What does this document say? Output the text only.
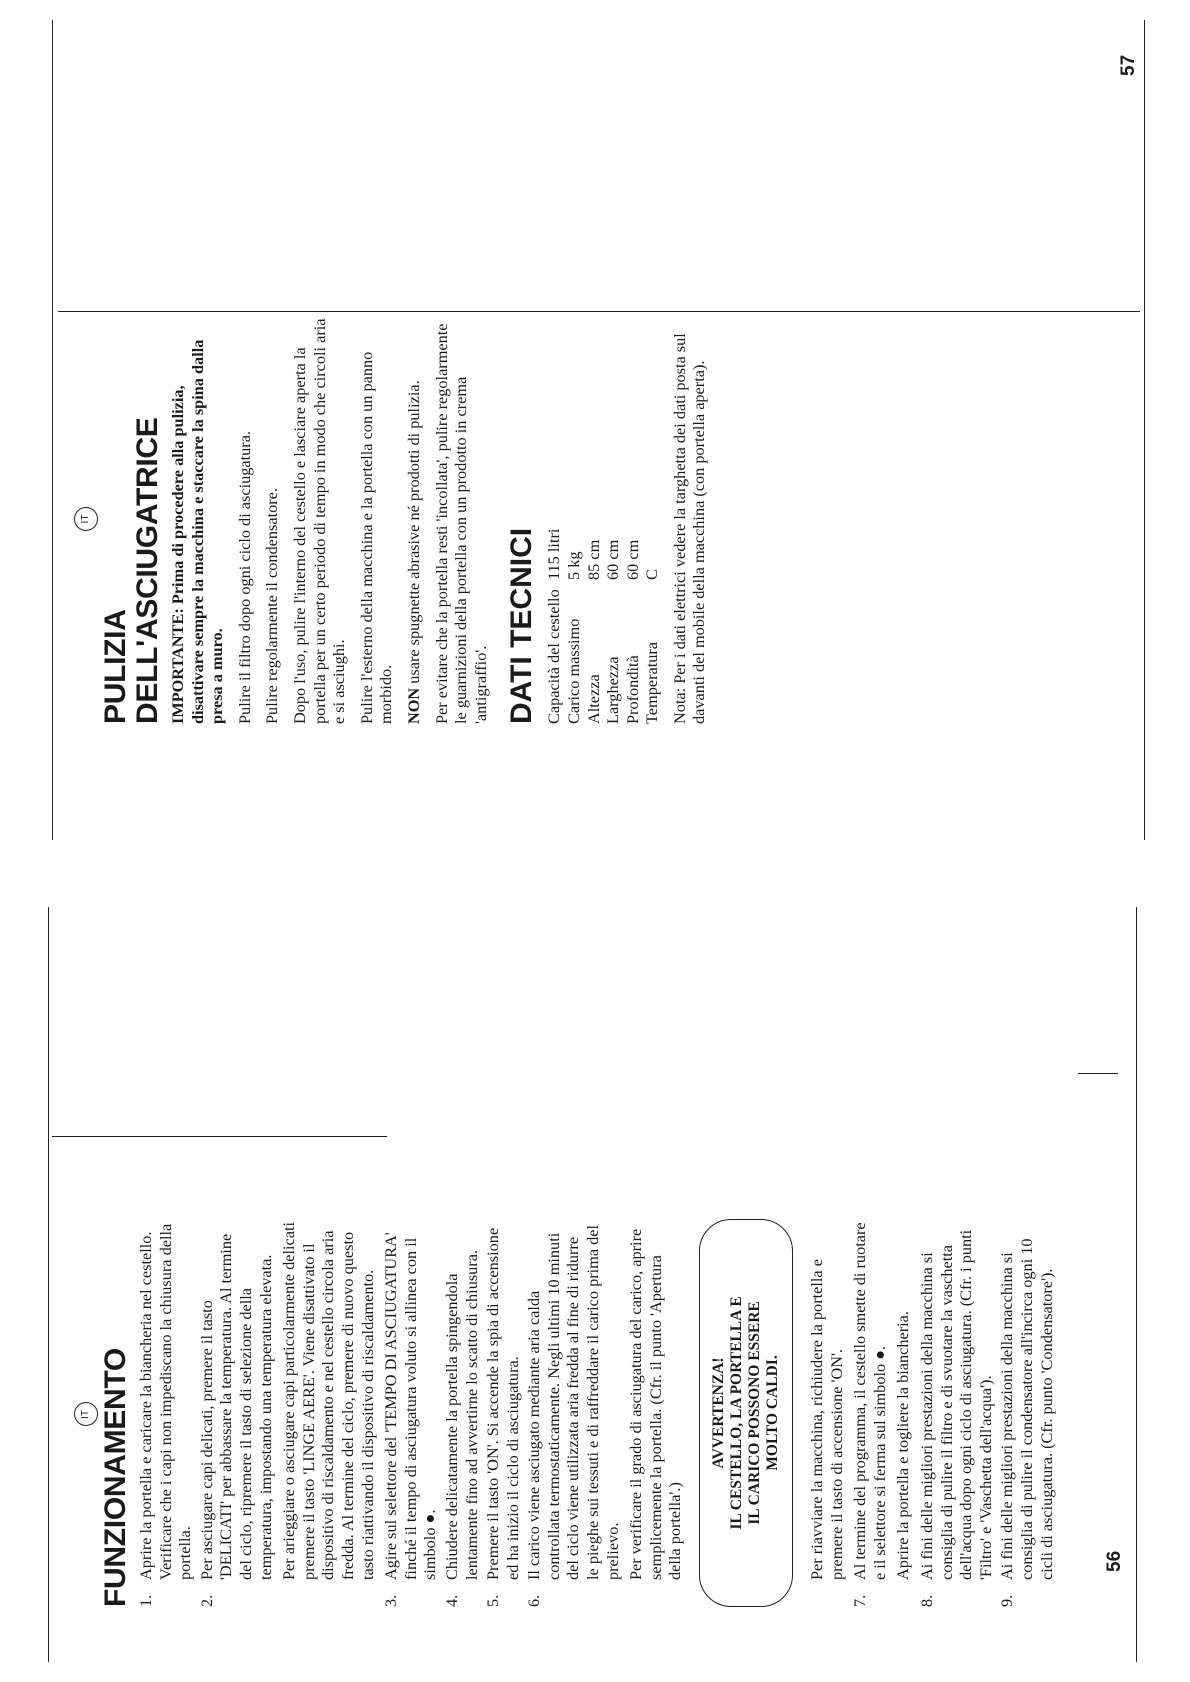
56
57
IT FUNZIONAMENTO 1.
Aprire la portella e caricare la biancheria nel cestello. Verificare che i capi non impediscano la chiusura della portella.
2.
Per asciugare capi delicati, premere il tasto 'DELICATI' per abbassare la temperatura. Al termine del ciclo, ripremere il tasto di selezione della temperatura, impostando una temperatura elevata. Per arieggiare o asciugare capi particolarmente delicati premere il tasto 'LINGE AERE'. Viene disattivato il dispositivo di riscaldamento e nel cestello circola aria fredda. Al termine del ciclo, premere di nuovo questo tasto riattivando il dispositivo di riscaldamento.
3.
Agire sul selettore del 'TEMPO DI ASCIUGATURA' finché il tempo di asciugatura voluto si allinea con il simbolo ●.
4.
Chiudere delicatamente la portella spingendola lentamente fino ad avvertirne lo scatto di chiusura.
5.
Premere il tasto 'ON'. Si accende la spia di accensione ed ha inizio il ciclo di asciugatura.
6.
Il carico viene asciugato mediante aria calda controllata termostaticamente. Negli ultimi 10 minuti del ciclo viene utilizzata aria fredda al fine di ridurre le pieghe sui tessuti e di raffreddare il carico prima del prelievo. Per verificare il grado di asciugatura del carico, aprire semplicemente la portella. (Cfr. il punto 'Apertura della portella'.)
AVVERTENZA! IL CESTELLO, LA PORTELLA E IL CARICO POSSONO ESSERE MOLTO CALDI. Per riavviare la macchina, richiudere la portella e premere il tasto di accensione 'ON'.
7.
Al termine del programma, il cestello smette di ruotare e il selettore si ferma sul simbolo ●. Aprire la portella e togliere la biancheria.
8.
Ai fini delle migliori prestazioni della macchina si consiglia di pulire il filtro e di svuotare la vaschetta dell'acqua dopo ogni ciclo di asciugatura. (Cfr. i punti 'Filtro' e 'Vaschetta dell'acqua').
9.
Ai fini delle migliori prestazioni della macchina si consiglia di pulire il condensatore all'incirca ogni 10 cicli di asciugatura. (Cfr. punto 'Condensatore').
IT
PULIZIA
DELL'ASCIUGATRICE IMPORTANTE: Prima di procedere alla pulizia, disattivare sempre la macchina e staccare la spina dalla presa a muro. Pulire il filtro dopo ogni ciclo di asciugatura. Pulire regolarmente il condensatore. Dopo l'uso, pulire l'interno del cestello e lasciare aperta la portella per un certo periodo di tempo in modo che circoli aria e si asciughi. Pulire l'esterno della macchina e la portella con un panno morbido. NON usare spugnette abrasive né prodotti di pulizia. Per evitare che la portella resti 'incollata', pulire regolarmente le guarnizioni della portella con un prodotto in crema 'antigraffio'. DATI TECNICI Capacità del cestello	115 litri
Carico massimo	5 kg
Altezza	85 cm
Larghezza	60 cm
Profondità	60 cm
Temperatura	C Nota: Per i dati elettrici vedere la targhetta dei dati posta sul davanti del mobile della macchina (con portella aperta).
